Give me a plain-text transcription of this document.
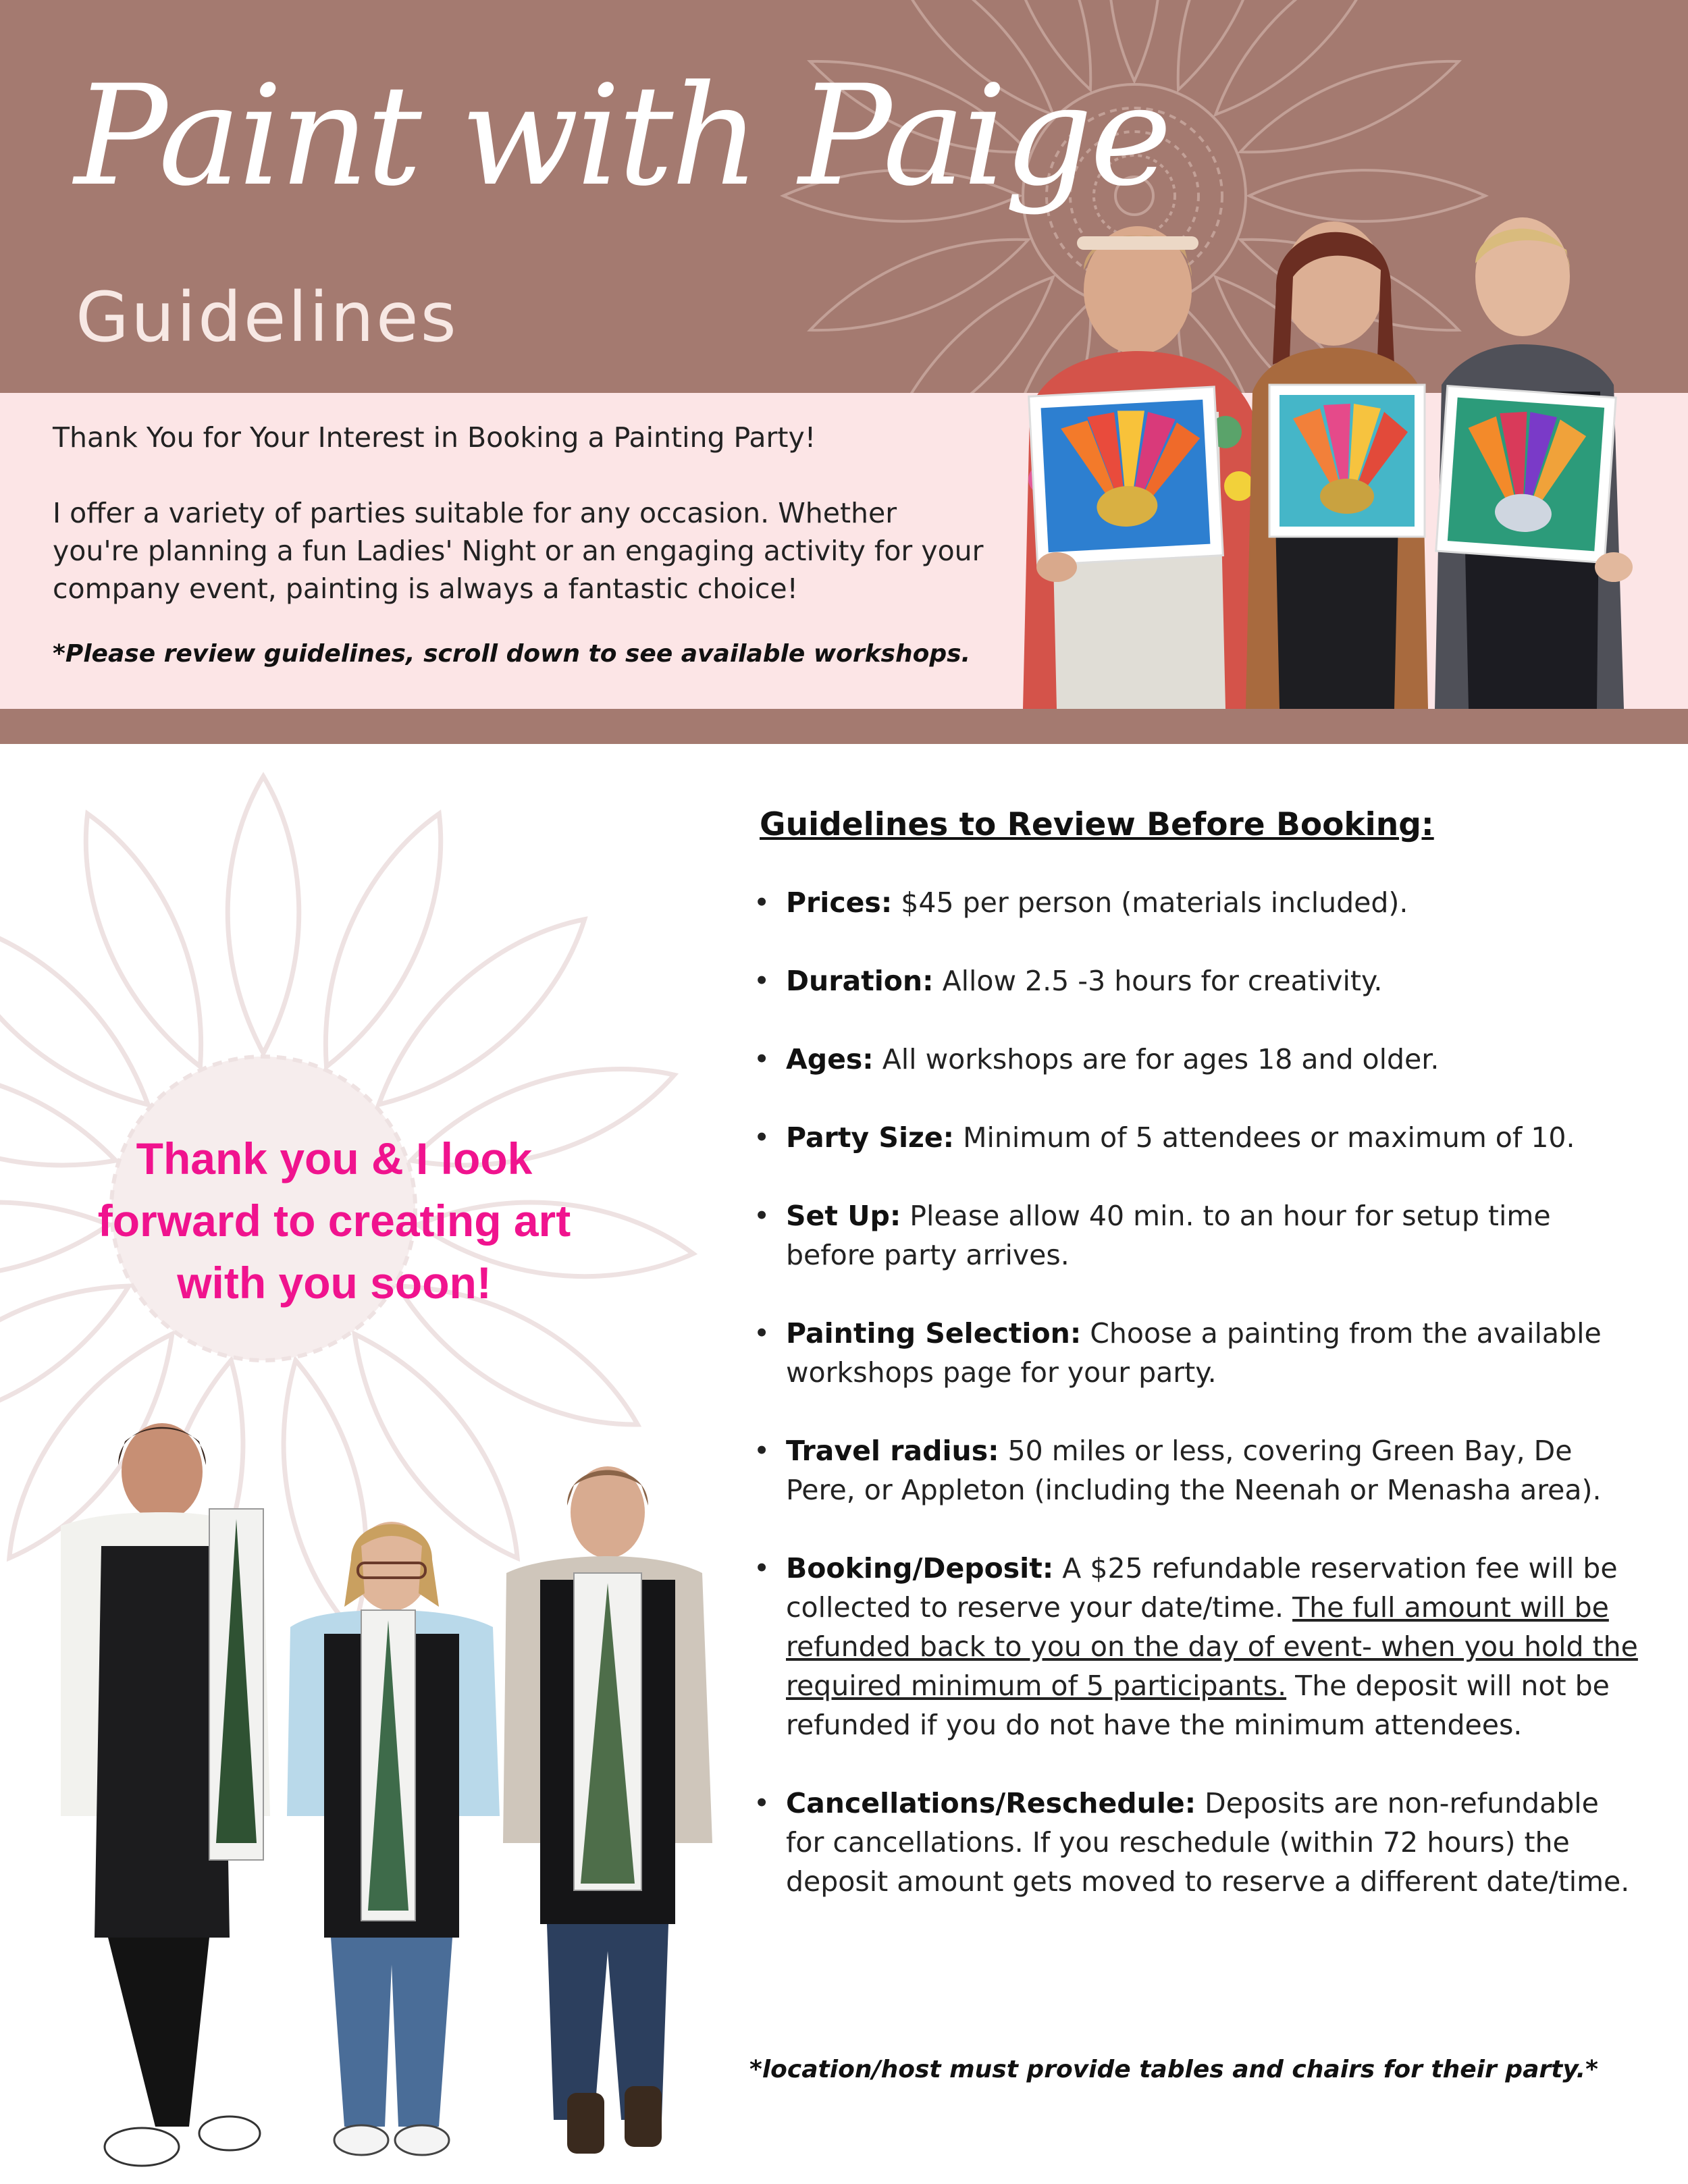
Paint with Paige
Guidelines

Thank You for Your Interest in Booking a Painting Party!

I offer a variety of parties suitable for any occasion. Whether you're planning a fun Ladies' Night or an engaging activity for your company event, painting is always a fantastic choice!

*Please review guidelines, scroll down to see available workshops.
Thank you & I look
forward to creating art
with you soon!
Guidelines to Review Before Booking:
• Prices: $45 per person (materials included).
• Duration: Allow 2.5 -3 hours for creativity.
• Ages: All workshops are for ages 18 and older.
• Party Size: Minimum of 5 attendees or maximum of 10.
• Set Up: Please allow 40 min. to an hour for setup time before party arrives.
• Painting Selection: Choose a painting from the available workshops page for your party.
• Travel radius: 50 miles or less, covering Green Bay, De Pere, or Appleton (including the Neenah or Menasha area).
• Booking/Deposit: A $25 refundable reservation fee will be collected to reserve your date/time. The full amount will be refunded back to you on the day of event- when you hold the required minimum of 5 participants. The deposit will not be refunded if you do not have the minimum attendees.
• Cancellations/Reschedule: Deposits are non-refundable for cancellations. If you reschedule (within 72 hours) the deposit amount gets moved to reserve a different date/time.
*location/host must provide tables and chairs for their party.*
